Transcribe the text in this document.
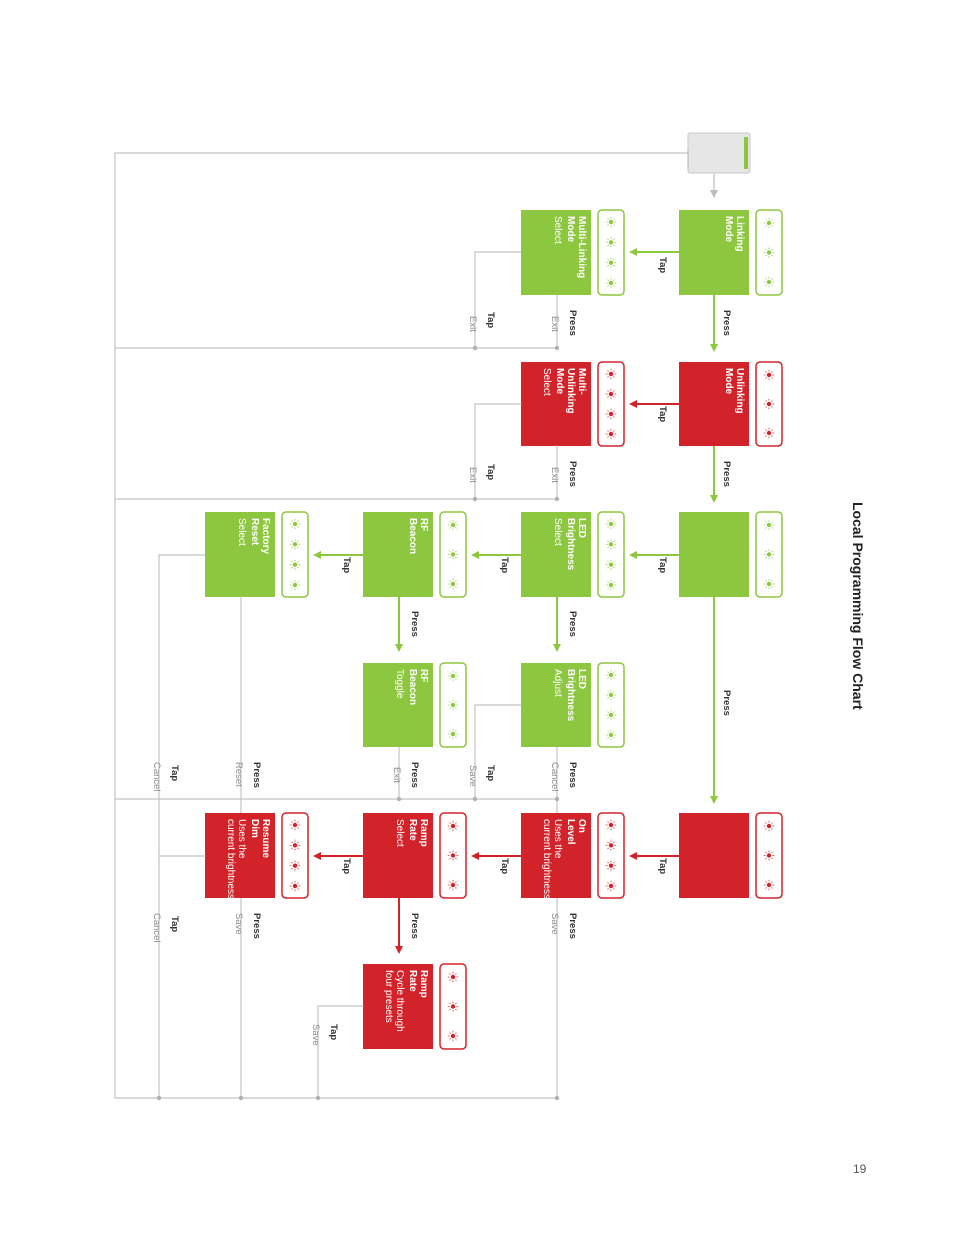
Linking
Mode
Multi-Linking
Mode
Select
Tap
Press
Press
Exit
Tap
Exit
Unlinking
Mode
Multi-
Unlinking
Mode
Select
Tap
Press
Press
Exit
Tap
Exit
LED
Brightness
Select
RF
Beacon
Factory
Reset
Select
Tap
Tap
Tap
Press
Press
Press
Press
Reset
Tap
Cancel
LED
Brightness
Adjust
RF
Beacon
Toggle
Press
Cancel
Tap
Save
Press
Exit
On
Level
Uses the
current brightness
Ramp
Rate
Select
Resume
Dim
Uses the
current brightness	Tap
Tap
Tap
Press
Save
Press
Press
Save
Tap
Cancel
Ramp
Rate
Cycle through
four presets
Tap
Save
Local Programming Flow Chart
19
